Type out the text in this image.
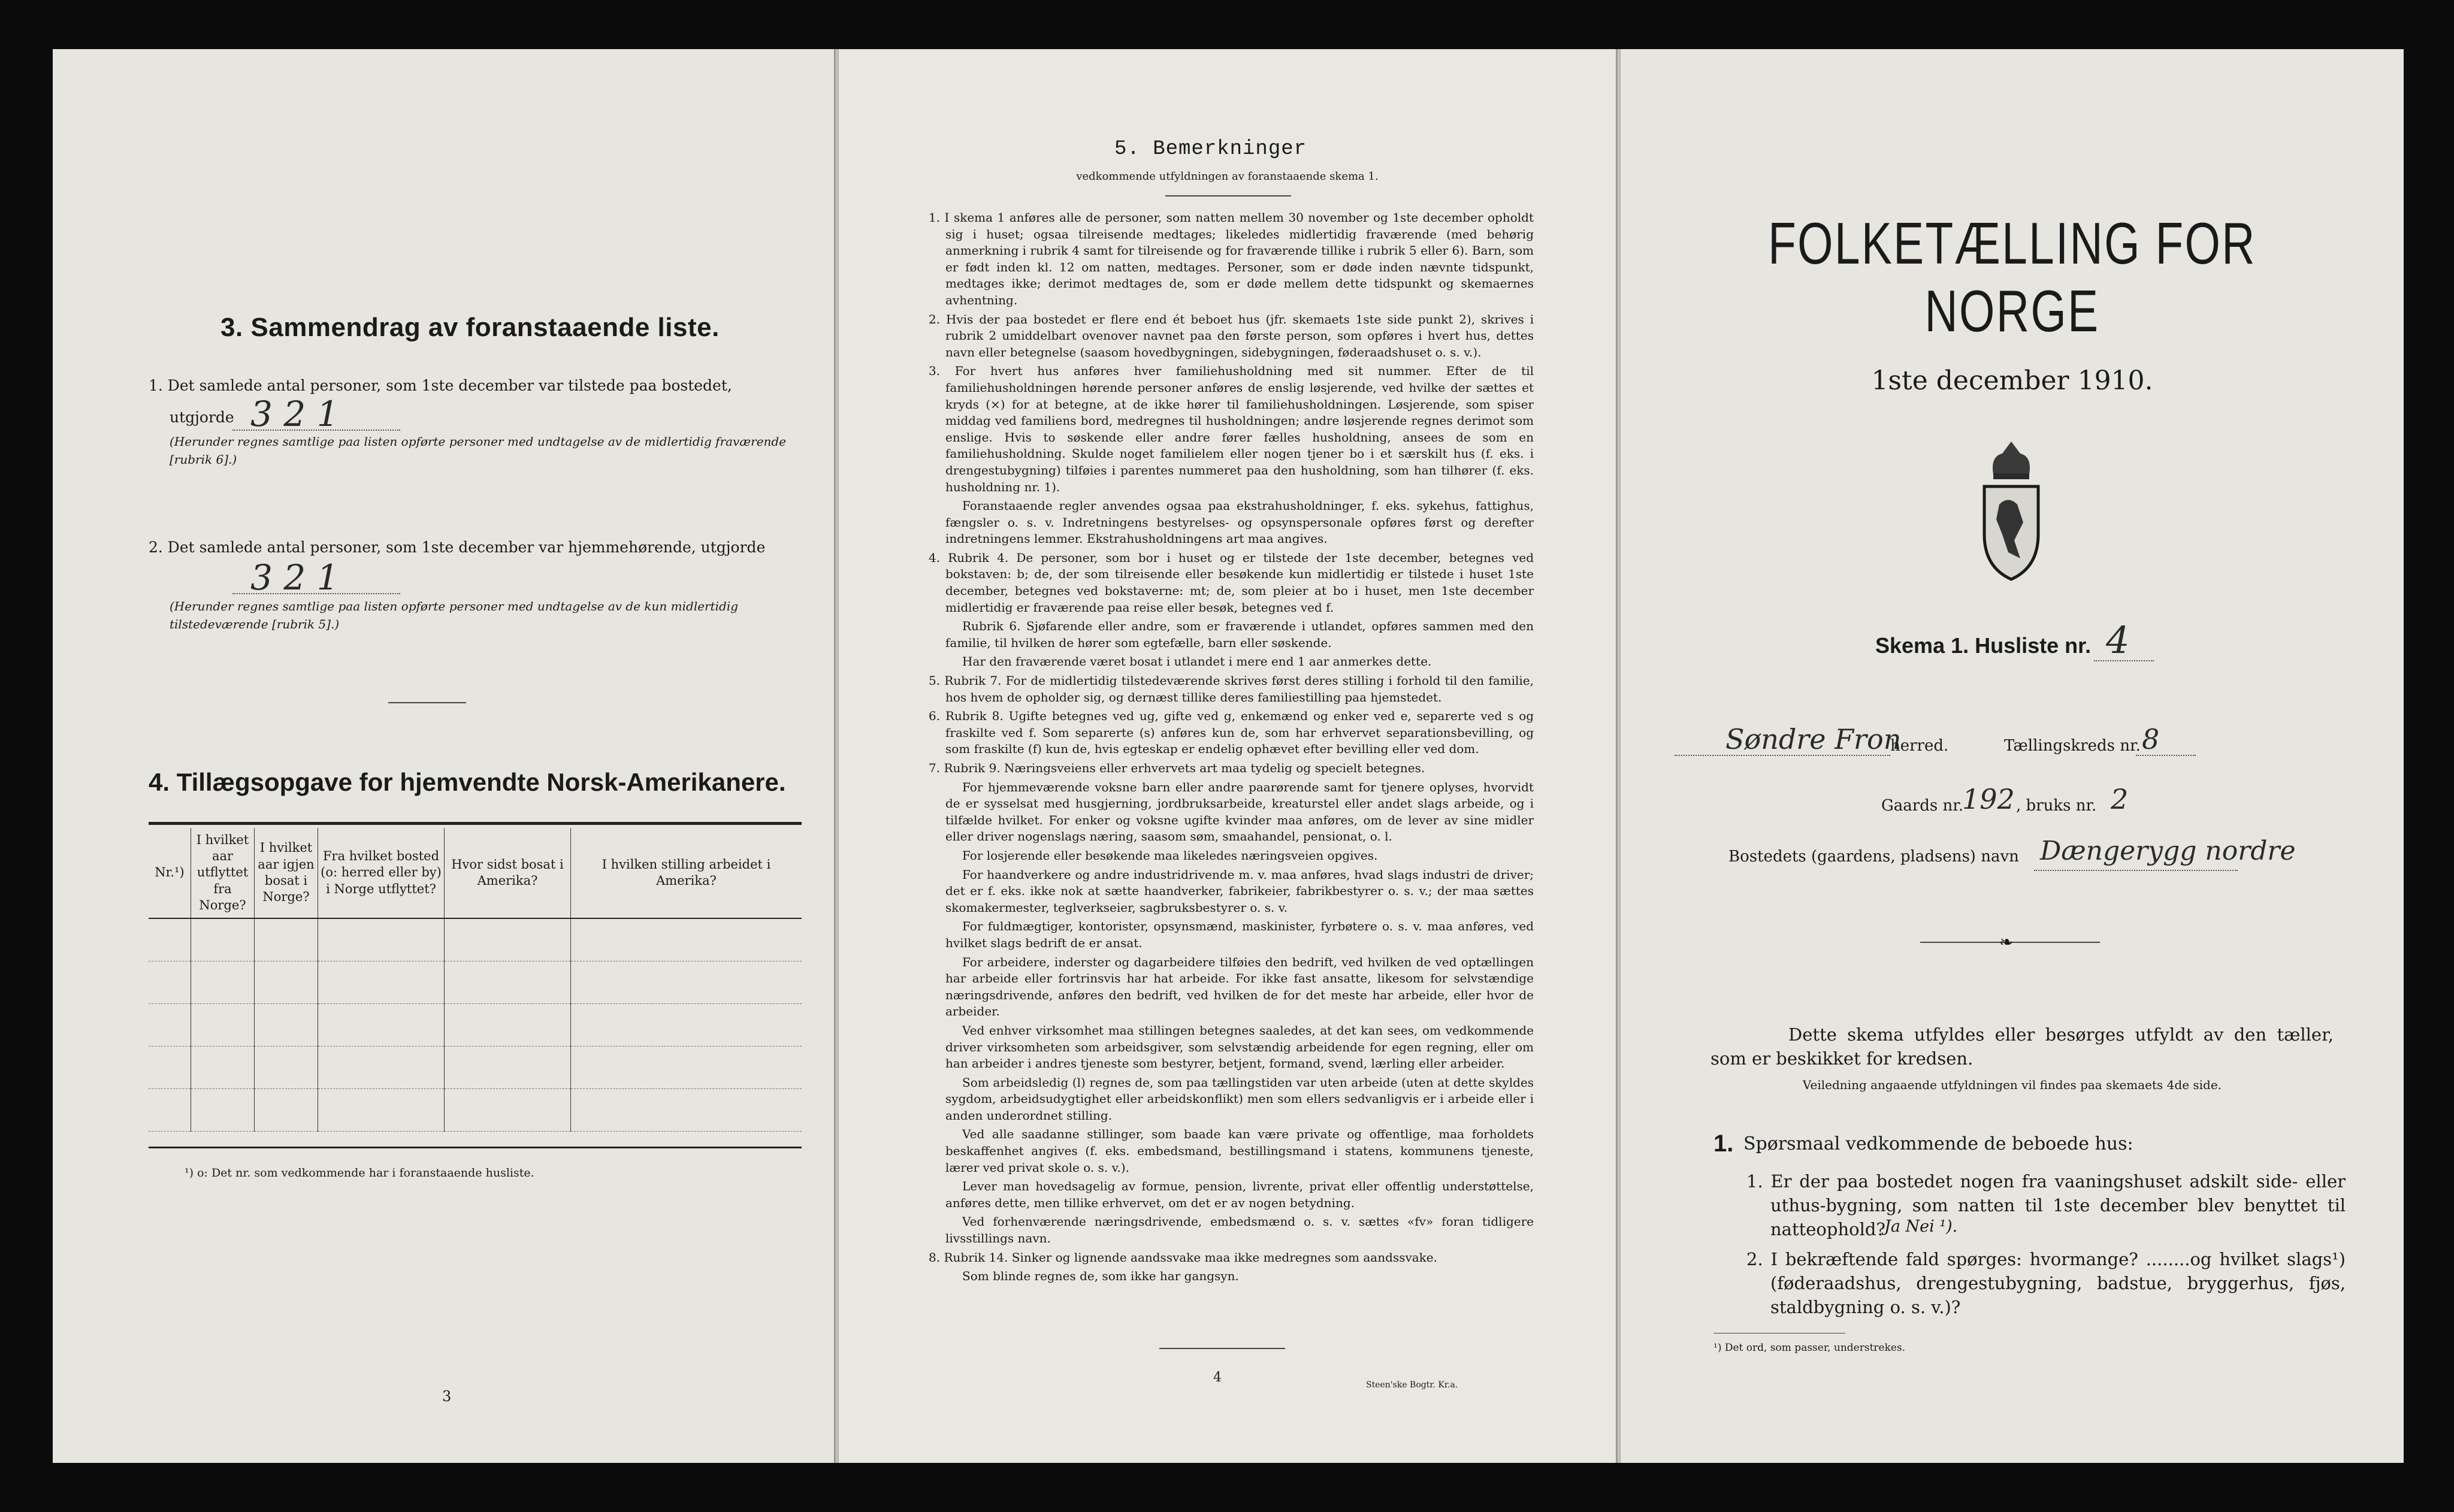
3. Sammendrag av foranstaaende liste.
1. Det samlede antal personer, som 1ste december var tilstede paa bostedet,
utgjorde 3 2 1
(Herunder regnes samtlige paa listen opførte personer med undtagelse av de midlertidig fraværende [rubrik 6].)
2. Det samlede antal personer, som 1ste december var hjemmehørende, utgjorde
3 2 1
(Herunder regnes samtlige paa listen opførte personer med undtagelse av de kun midlertidig tilstedeværende [rubrik 5].)
4. Tillægsopgave for hjemvendte Norsk-Amerikanere.
Nr.¹)	I hvilket aar utflyttet fra Norge?	I hvilket aar igjen bosat i Norge?	Fra hvilket bosted (o: herred eller by) i Norge utflyttet?	Hvor sidst bosat i Amerika?	I hvilken stilling arbeidet i Amerika?

¹) o: Det nr. som vedkommende har i foranstaaende husliste.
3
5. Bemerkninger
vedkommende utfyldningen av foranstaaende skema 1.

1. I skema 1 anføres alle de personer, som natten mellem 30 november og 1ste december opholdt sig i huset; ogsaa tilreisende medtages; likeledes midlertidig fraværende (med behørig anmerkning i rubrik 4 samt for tilreisende og for fraværende tillike i rubrik 5 eller 6). Barn, som er født inden kl. 12 om natten, medtages. Personer, som er døde inden nævnte tidspunkt, medtages ikke; derimot medtages de, som er døde mellem dette tidspunkt og skemaernes avhentning.

2. Hvis der paa bostedet er flere end ét beboet hus (jfr. skemaets 1ste side punkt 2), skrives i rubrik 2 umiddelbart ovenover navnet paa den første person, som opføres i hvert hus, dettes navn eller betegnelse (saasom hovedbygningen, sidebygningen, føderaadshuset o. s. v.).

3. For hvert hus anføres hver familiehusholdning med sit nummer. Efter de til familiehusholdningen hørende personer anføres de enslig løsjerende, ved hvilke der sættes et kryds (×) for at betegne, at de ikke hører til familiehusholdningen. Løsjerende, som spiser middag ved familiens bord, medregnes til husholdningen; andre løsjerende regnes derimot som enslige. Hvis to søskende eller andre fører fælles husholdning, ansees de som en familiehusholdning. Skulde noget familielem eller nogen tjener bo i et særskilt hus (f. eks. i drengestubygning) tilføies i parentes nummeret paa den husholdning, som han tilhører (f. eks. husholdning nr. 1).

Foranstaaende regler anvendes ogsaa paa ekstrahusholdninger, f. eks. sykehus, fattighus, fængsler o. s. v. Indretningens bestyrelses- og opsynspersonale opføres først og derefter indretningens lemmer. Ekstrahusholdningens art maa angives.

4. Rubrik 4. De personer, som bor i huset og er tilstede der 1ste december, betegnes ved bokstaven: b; de, der som tilreisende eller besøkende kun midlertidig er tilstede i huset 1ste december, betegnes ved bokstaverne: mt; de, som pleier at bo i huset, men 1ste december midlertidig er fraværende paa reise eller besøk, betegnes ved f.

Rubrik 6. Sjøfarende eller andre, som er fraværende i utlandet, opføres sammen med den familie, til hvilken de hører som egtefælle, barn eller søskende.

Har den fraværende været bosat i utlandet i mere end 1 aar anmerkes dette.

5. Rubrik 7. For de midlertidig tilstedeværende skrives først deres stilling i forhold til den familie, hos hvem de opholder sig, og dernæst tillike deres familiestilling paa hjemstedet.

6. Rubrik 8. Ugifte betegnes ved ug, gifte ved g, enkemænd og enker ved e, separerte ved s og fraskilte ved f. Som separerte (s) anføres kun de, som har erhvervet separationsbevilling, og som fraskilte (f) kun de, hvis egteskap er endelig ophævet efter bevilling eller ved dom.

7. Rubrik 9. Næringsveiens eller erhvervets art maa tydelig og specielt betegnes.

For hjemmeværende voksne barn eller andre paarørende samt for tjenere oplyses, hvorvidt de er sysselsat med husgjerning, jordbruksarbeide, kreaturstel eller andet slags arbeide, og i tilfælde hvilket. For enker og voksne ugifte kvinder maa anføres, om de lever av sine midler eller driver nogenslags næring, saasom søm, smaahandel, pensionat, o. l.

For losjerende eller besøkende maa likeledes næringsveien opgives.

For haandverkere og andre industridrivende m. v. maa anføres, hvad slags industri de driver; det er f. eks. ikke nok at sætte haandverker, fabrikeier, fabrikbestyrer o. s. v.; der maa sættes skomakermester, teglverkseier, sagbruksbestyrer o. s. v.

For fuldmægtiger, kontorister, opsynsmænd, maskinister, fyrbøtere o. s. v. maa anføres, ved hvilket slags bedrift de er ansat.

For arbeidere, inderster og dagarbeidere tilføies den bedrift, ved hvilken de ved optællingen har arbeide eller fortrinsvis har hat arbeide. For ikke fast ansatte, likesom for selvstændige næringsdrivende, anføres den bedrift, ved hvilken de for det meste har arbeide, eller hvor de arbeider.

Ved enhver virksomhet maa stillingen betegnes saaledes, at det kan sees, om vedkommende driver virksomheten som arbeidsgiver, som selvstændig arbeidende for egen regning, eller om han arbeider i andres tjeneste som bestyrer, betjent, formand, svend, lærling eller arbeider.

Som arbeidsledig (l) regnes de, som paa tællingstiden var uten arbeide (uten at dette skyldes sygdom, arbeidsudygtighet eller arbeidskonflikt) men som ellers sedvanligvis er i arbeide eller i anden underordnet stilling.

Ved alle saadanne stillinger, som baade kan være private og offentlige, maa forholdets beskaffenhet angives (f. eks. embedsmand, bestillingsmand i statens, kommunens tjeneste, lærer ved privat skole o. s. v.).

Lever man hovedsagelig av formue, pension, livrente, privat eller offentlig understøttelse, anføres dette, men tillike erhvervet, om det er av nogen betydning.

Ved forhenværende næringsdrivende, embedsmænd o. s. v. sættes «fv» foran tidligere livsstillings navn.

8. Rubrik 14. Sinker og lignende aandssvake maa ikke medregnes som aandssvake.

Som blinde regnes de, som ikke har gangsyn.

4	Steen'ske Bogtr. Kr.a.
FOLKETÆLLING FOR NORGE
1ste december 1910.
Skema 1. Husliste nr. 4
Søndre Fron
herred.	Tællingskreds nr. 8
Gaards nr.
192 , bruks nr. 2
Bostedets (gaardens, pladsens) navn Dængerygg nordre
❧
Dette skema utfyldes eller besørges utfyldt av den tæller, som er beskikket for kredsen.
Veiledning angaaende utfyldningen vil findes paa skemaets 4de side.
1. Spørsmaal vedkommende de beboede hus:
1. Er der paa bostedet nogen fra vaaningshuset adskilt side- eller uthus-bygning, som natten til 1ste december blev benyttet til natteophold?
Ja Nei ¹).
2. I bekræftende fald spørges: hvormange? ........og hvilket slags¹) (føderaadshus, drengestubygning, badstue, bryggerhus, fjøs, staldbygning o. s. v.)?
¹) Det ord, som passer, understrekes.
